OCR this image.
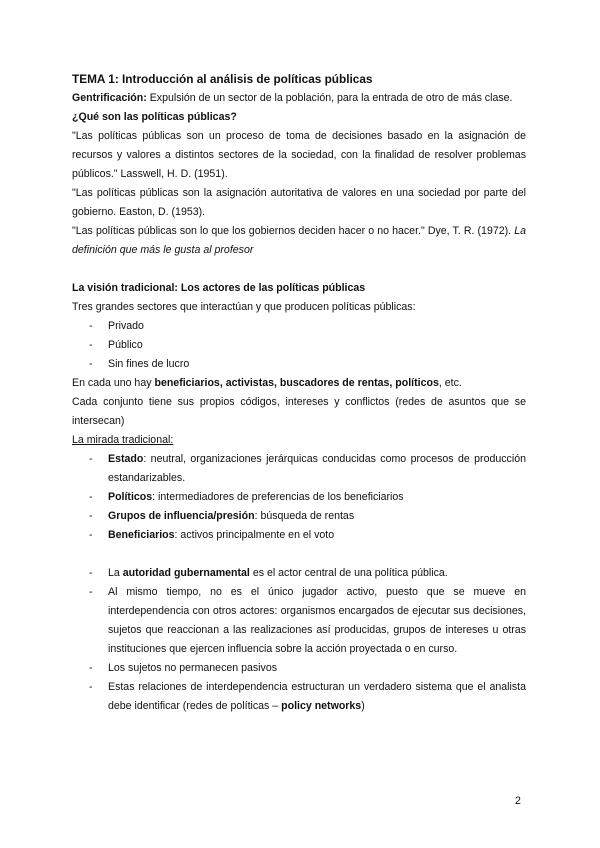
TEMA 1: Introducción al análisis de políticas públicas
Gentrificación: Expulsión de un sector de la población, para la entrada de otro de más clase.
¿Qué son las políticas públicas?
"Las políticas públicas son un proceso de toma de decisiones basado en la asignación de recursos y valores a distintos sectores de la sociedad, con la finalidad de resolver problemas públicos." Lasswell, H. D. (1951).
"Las políticas públicas son la asignación autoritativa de valores en una sociedad por parte del gobierno. Easton, D. (1953).
"Las políticas públicas son lo que los gobiernos deciden hacer o no hacer." Dye, T. R. (1972). La definición que más le gusta al profesor
La visión tradicional: Los actores de las políticas públicas
Tres grandes sectores que interactúan y que producen políticas públicas:
- Privado
- Público
- Sin fines de lucro
En cada uno hay beneficiarios, activistas, buscadores de rentas, políticos, etc.
Cada conjunto tiene sus propios códigos, intereses y conflictos (redes de asuntos que se intersecan)
La mirada tradicional:
- Estado: neutral, organizaciones jerárquicas conducidas como procesos de producción estandarizables.
- Políticos: intermediadores de preferencias de los beneficiarios
- Grupos de influencia/presión: búsqueda de rentas
- Beneficiarios: activos principalmente en el voto
- La autoridad gubernamental es el actor central de una política pública.
- Al mismo tiempo, no es el único jugador activo, puesto que se mueve en interdependencia con otros actores: organismos encargados de ejecutar sus decisiones, sujetos que reaccionan a las realizaciones así producidas, grupos de intereses u otras instituciones que ejercen influencia sobre la acción proyectada o en curso.
- Los sujetos no permanecen pasivos
- Estas relaciones de interdependencia estructuran un verdadero sistema que el analista debe identificar (redes de políticas – policy networks)
2
